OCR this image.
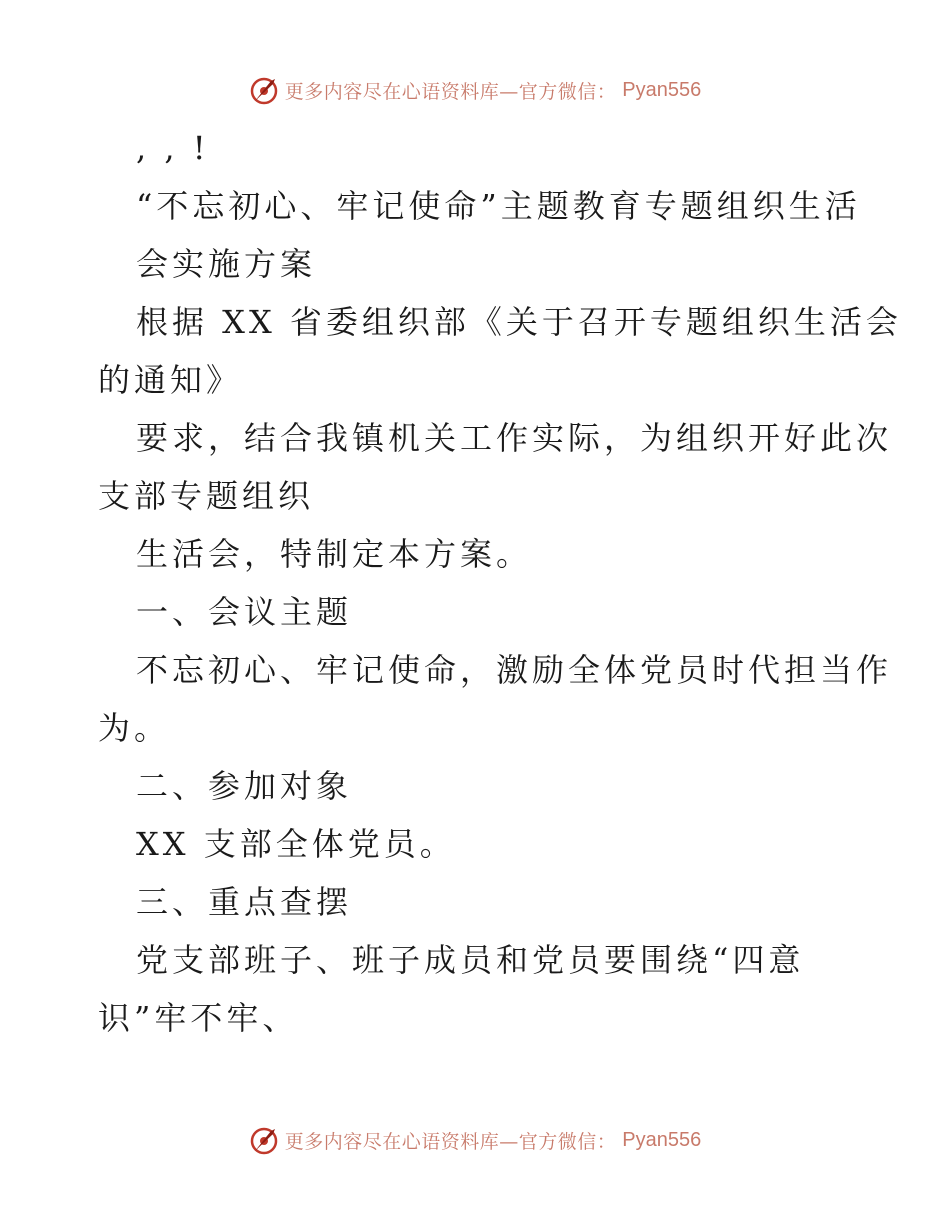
更多内容尽在心语资料库—官方微信： Pyan556
, , !
“不忘初心、牢记使命”主题教育专题组织生活
会实施方案
根据 XX 省委组织部《关于召开专题组织生活会
的通知》
要求，结合我镇机关工作实际，为组织开好此次
支部专题组织
生活会，特制定本方案。
一、会议主题
不忘初心、牢记使命，激励全体党员时代担当作
为。
二、参加对象
XX 支部全体党员。
三、重点查摆
党支部班子、班子成员和党员要围绕“四意
识”牢不牢、
更多内容尽在心语资料库—官方微信： Pyan556
